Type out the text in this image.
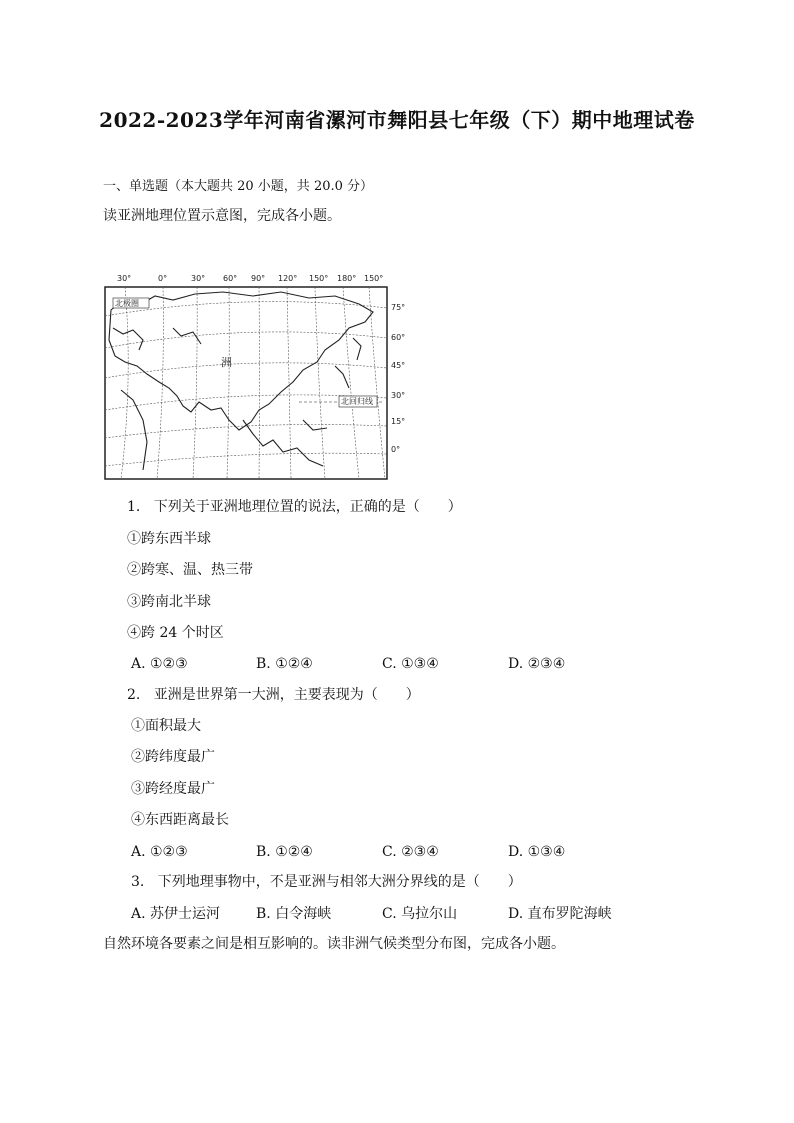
2022-2023学年河南省漯河市舞阳县七年级（下）期中地理试卷
一、单选题（本大题共 20 小题，共 20.0 分）
读亚洲地理位置示意图，完成各小题。
30°	0°	30° 60° 90° 120° 150° 180° 150°
75°
60°
45°
30°
15°
0°
北极圈
北回归线
洲
1. 下列关于亚洲地理位置的说法，正确的是（　　）
①跨东西半球
②跨寒、温、热三带
③跨南北半球
④跨 24 个时区
A. ①②③	B. ①②④	C. ①③④	D. ②③④
2. 亚洲是世界第一大洲，主要表现为（　　）
①面积最大
②跨纬度最广
③跨经度最广
④东西距离最长
A. ①②③	B. ①②④	C. ②③④	D. ①③④
3. 下列地理事物中，不是亚洲与相邻大洲分界线的是（　　）
A. 苏伊士运河	B. 白令海峡	C. 乌拉尔山	D. 直布罗陀海峡
自然环境各要素之间是相互影响的。读非洲气候类型分布图，完成各小题。
